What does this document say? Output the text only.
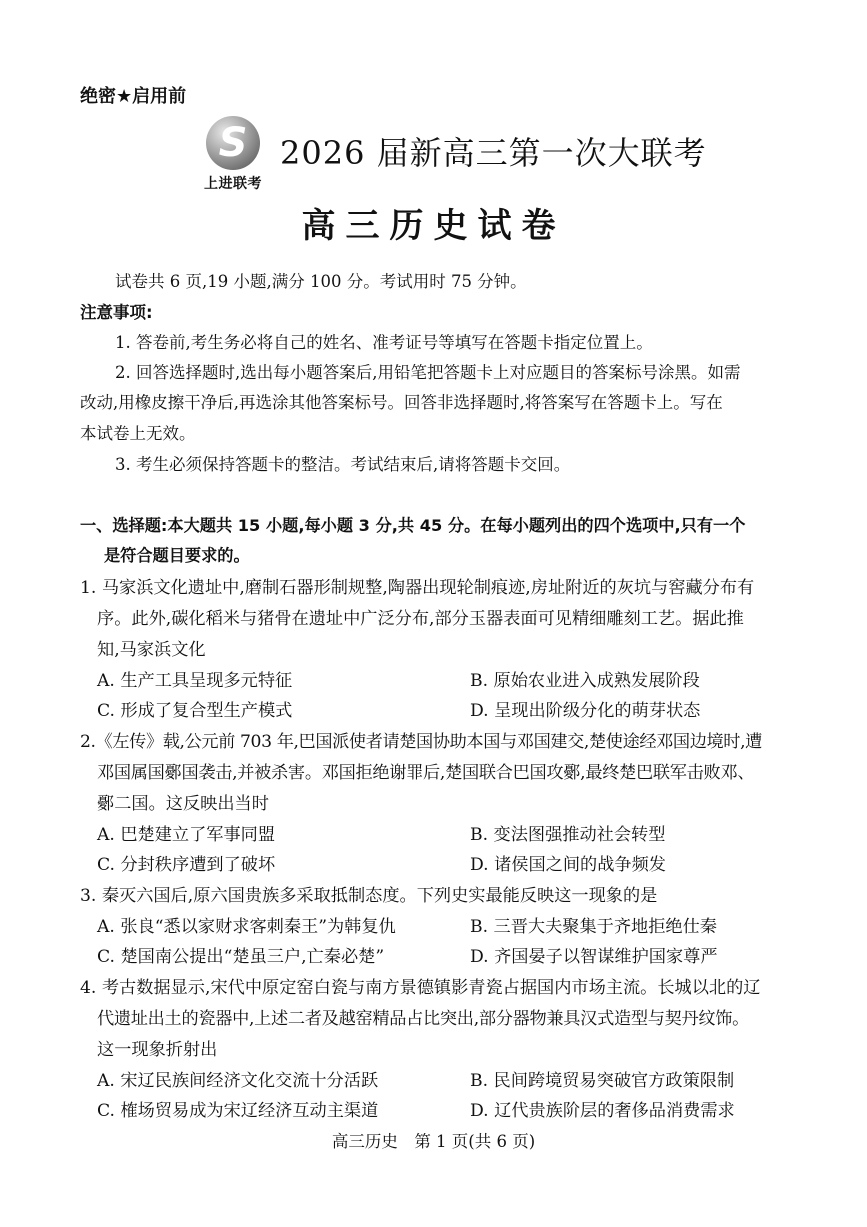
绝密★启用前
S
上进联考
2026 届新高三第一次大联考
高三历史试卷
试卷共 6 页,19 小题,满分 100 分。考试用时 75 分钟。
注意事项:
1. 答卷前,考生务必将自己的姓名、准考证号等填写在答题卡指定位置上。
2. 回答选择题时,选出每小题答案后,用铅笔把答题卡上对应题目的答案标号涂黑。如需
改动,用橡皮擦干净后,再选涂其他答案标号。回答非选择题时,将答案写在答题卡上。写在
本试卷上无效。
3. 考生必须保持答题卡的整洁。考试结束后,请将答题卡交回。
一、选择题:本大题共 15 小题,每小题 3 分,共 45 分。在每小题列出的四个选项中,只有一个
是符合题目要求的。
1. 马家浜文化遗址中,磨制石器形制规整,陶器出现轮制痕迹,房址附近的灰坑与窖藏分布有
序。此外,碳化稻米与猪骨在遗址中广泛分布,部分玉器表面可见精细雕刻工艺。据此推
知,马家浜文化
A. 生产工具呈现多元特征	B. 原始农业进入成熟发展阶段
C. 形成了复合型生产模式	D. 呈现出阶级分化的萌芽状态
2.《左传》载,公元前 703 年,巴国派使者请楚国协助本国与邓国建交,楚使途经邓国边境时,遭
邓国属国鄾国袭击,并被杀害。邓国拒绝谢罪后,楚国联合巴国攻鄾,最终楚巴联军击败邓、
鄾二国。这反映出当时
A. 巴楚建立了军事同盟	B. 变法图强推动社会转型
C. 分封秩序遭到了破坏	D. 诸侯国之间的战争频发
3. 秦灭六国后,原六国贵族多采取抵制态度。下列史实最能反映这一现象的是
A. 张良“悉以家财求客刺秦王”为韩复仇	B. 三晋大夫聚集于齐地拒绝仕秦
C. 楚国南公提出“楚虽三户,亡秦必楚”	D. 齐国晏子以智谋维护国家尊严
4. 考古数据显示,宋代中原定窑白瓷与南方景德镇影青瓷占据国内市场主流。长城以北的辽
代遗址出土的瓷器中,上述二者及越窑精品占比突出,部分器物兼具汉式造型与契丹纹饰。
这一现象折射出
A. 宋辽民族间经济文化交流十分活跃	B. 民间跨境贸易突破官方政策限制
C. 榷场贸易成为宋辽经济互动主渠道	D. 辽代贵族阶层的奢侈品消费需求
高三历史　第 1 页(共 6 页)
